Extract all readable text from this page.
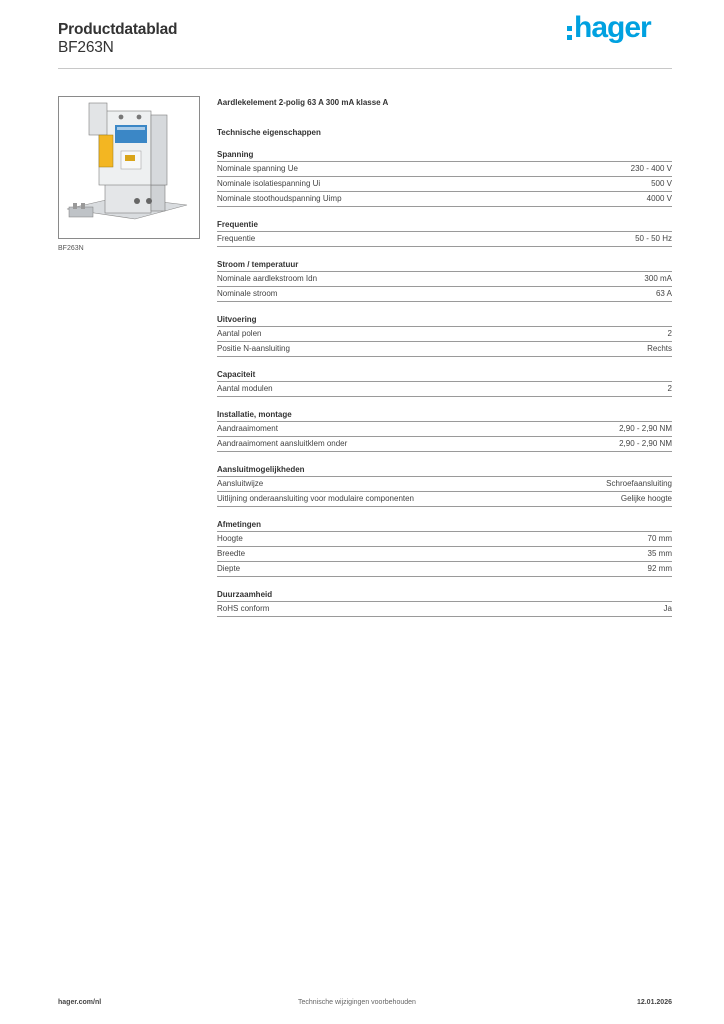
Productdatablad
BF263N
hager
BF263N
Aardlekelement 2-polig 63 A 300 mA klasse A
Technische eigenschappen
Spanning
Nominale spanning Ue	230 - 400 V
Nominale isolatiespanning Ui	500 V
Nominale stoothoudspanning Uimp	4000 V
Frequentie
Frequentie	50 - 50 Hz
Stroom / temperatuur
Nominale aardlekstroom Idn	300 mA
Nominale stroom	63 A
Uitvoering
Aantal polen	2
Positie N-aansluiting	Rechts
Capaciteit
Aantal modulen	2
Installatie, montage
Aandraaimoment	2,90 - 2,90 NM
Aandraaimoment aansluitklem onder	2,90 - 2,90 NM
Aansluitmogelijkheden
Aansluitwijze	Schroefaansluiting
Uitlijning onderaansluiting voor modulaire componenten	Gelijke hoogte
Afmetingen
Hoogte	70 mm
Breedte	35 mm
Diepte	92 mm
Duurzaamheid
RoHS conform	Ja
hager.com/nl	Technische wijzigingen voorbehouden	12.01.2026
